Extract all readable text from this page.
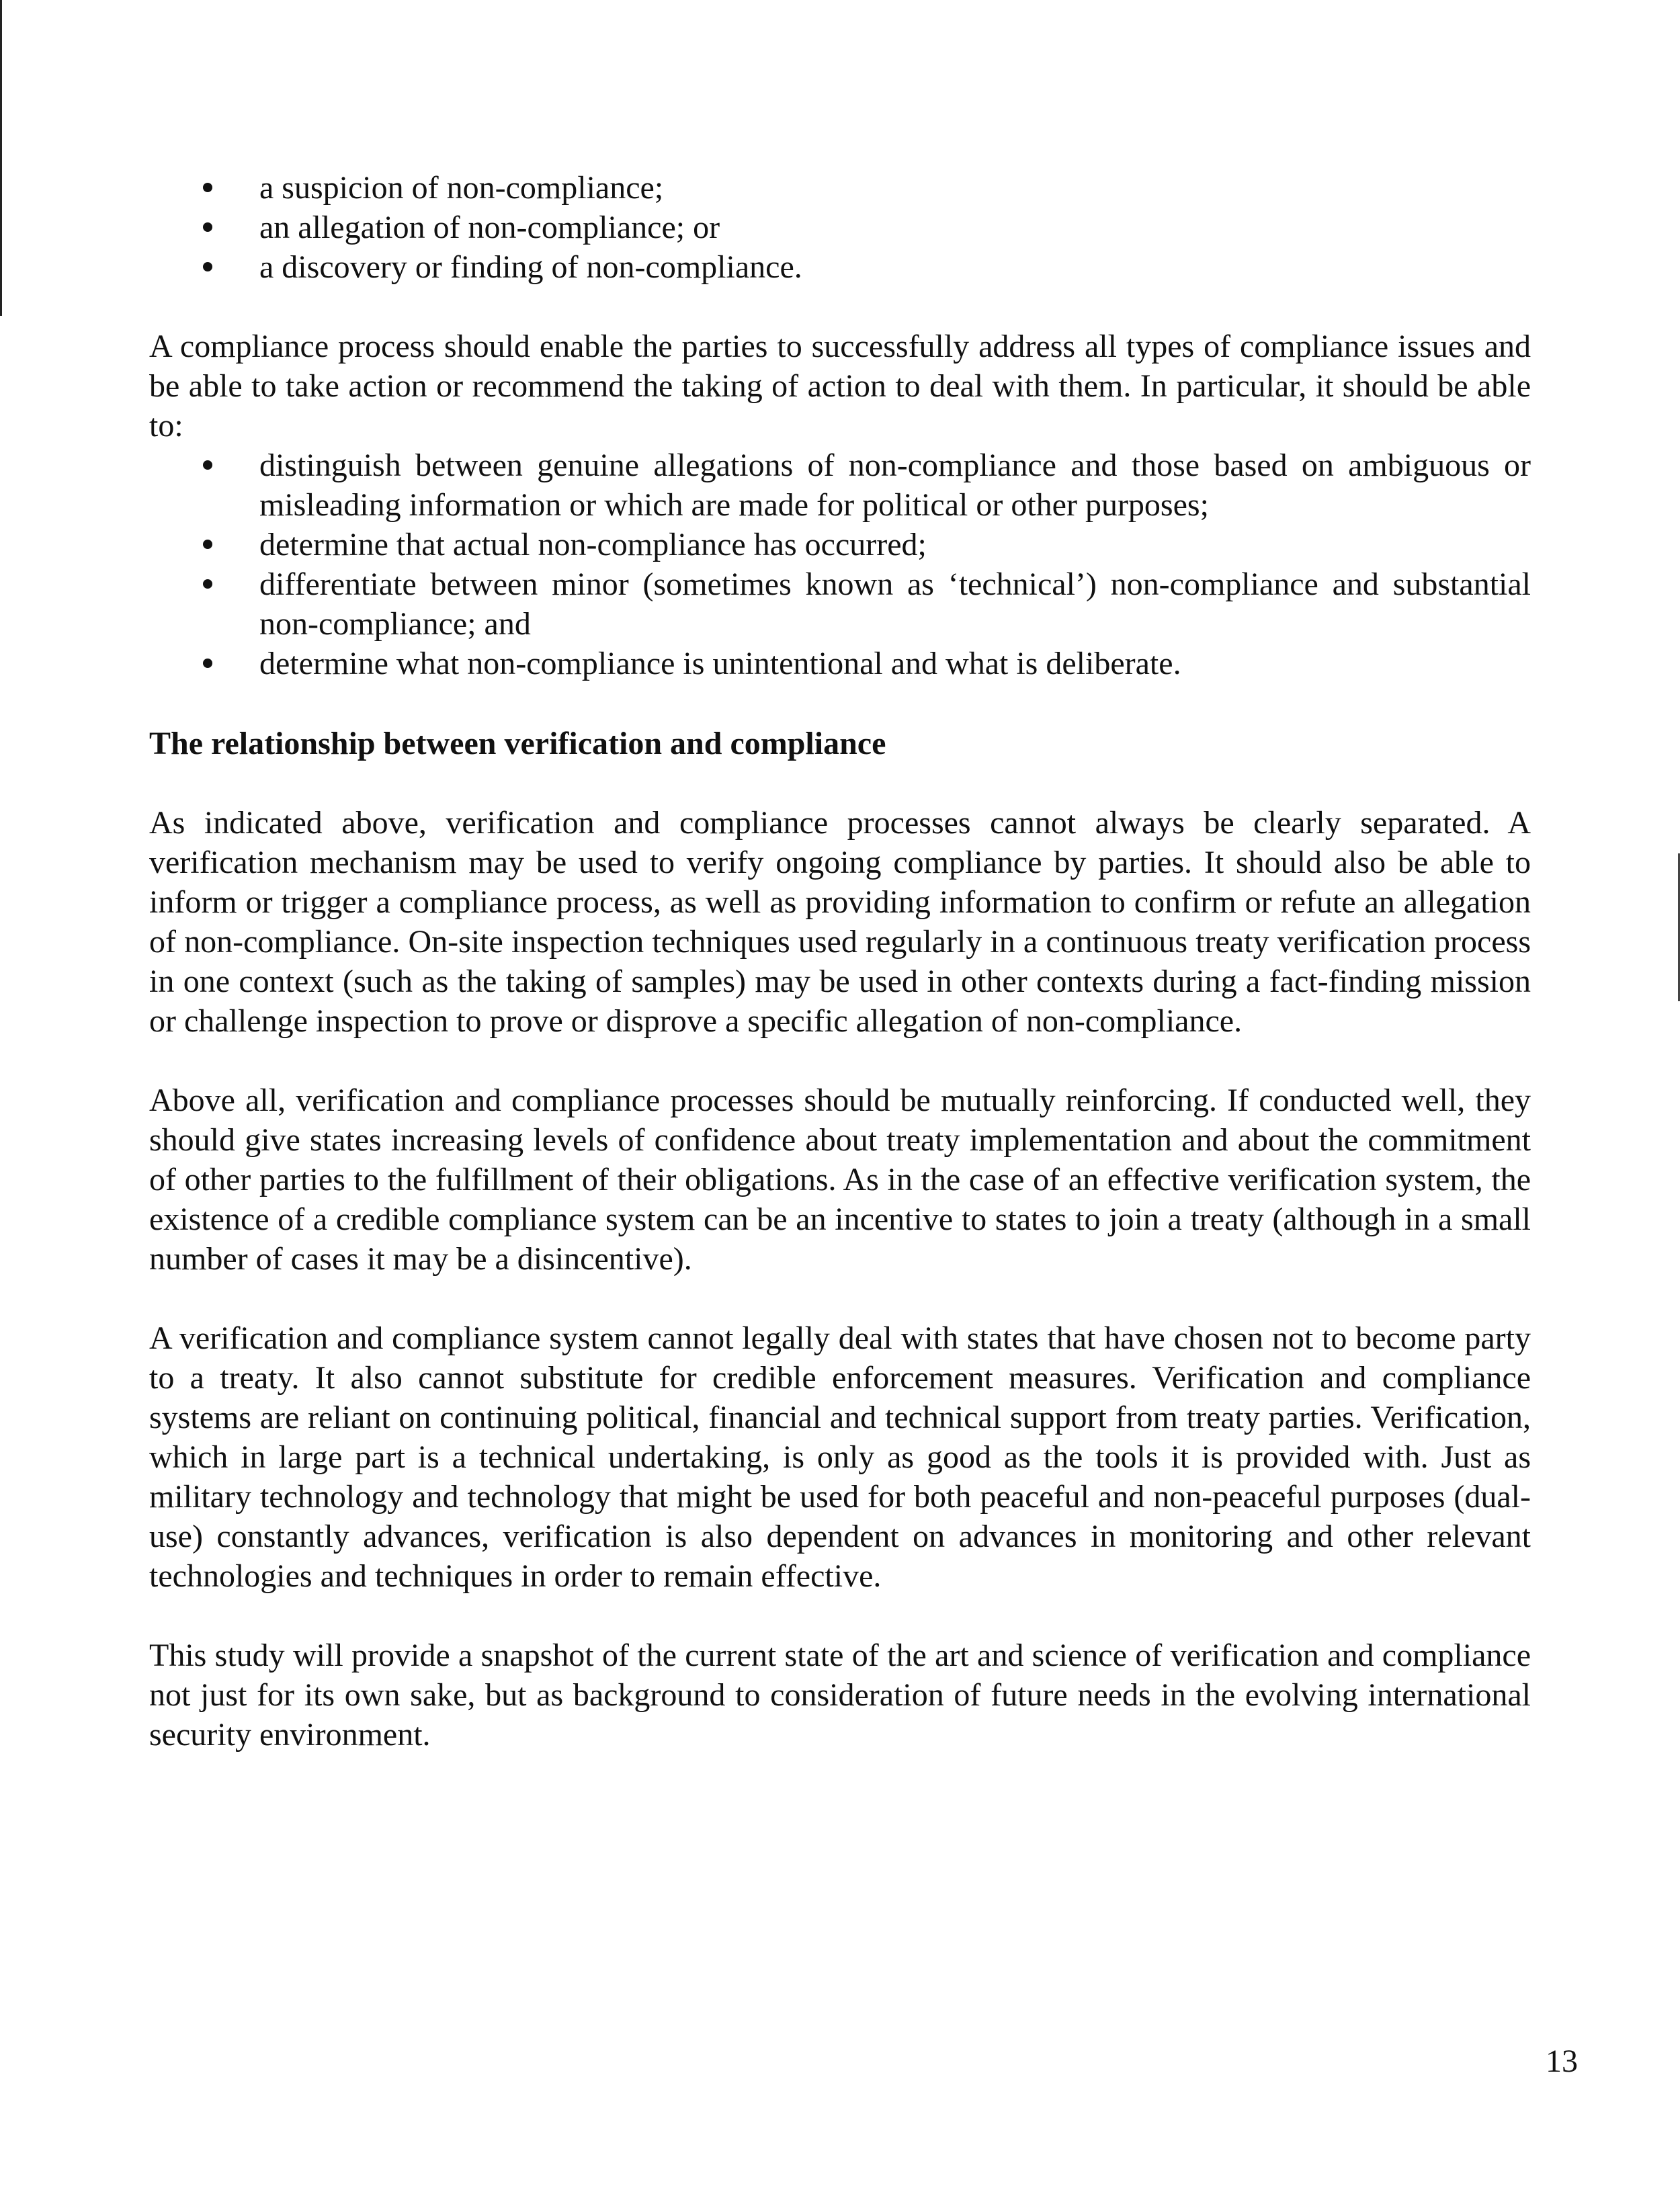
a suspicion of non-compliance;
an allegation of non-compliance; or
a discovery or finding of non-compliance.

A compliance process should enable the parties to successfully address all types of compliance issues and be able to take action or recommend the taking of action to deal with them. In particular, it should be able to:

distinguish between genuine allegations of non-compliance and those based on ambiguous or misleading information or which are made for political or other purposes;

determine that actual non-compliance has occurred;

differentiate between minor (sometimes known as ‘technical’) non-compliance and substantial non-compliance; and

determine what non-compliance is unintentional and what is deliberate.

The relationship between verification and compliance

As indicated above, verification and compliance processes cannot always be clearly separated. A verification mechanism may be used to verify ongoing compliance by parties. It should also be able to inform or trigger a compliance process, as well as providing information to confirm or refute an allegation of non-compliance. On-site inspection techniques used regularly in a continuous treaty verification process in one context (such as the taking of samples) may be used in other contexts during a fact-finding mission or challenge inspection to prove or disprove a specific allegation of non-compliance.

Above all, verification and compliance processes should be mutually reinforcing. If conducted well, they should give states increasing levels of confidence about treaty implementation and about the commitment of other parties to the fulfillment of their obligations. As in the case of an effective verification system, the existence of a credible compliance system can be an incentive to states to join a treaty (although in a small number of cases it may be a disincentive).

A verification and compliance system cannot legally deal with states that have chosen not to become party to a treaty. It also cannot substitute for credible enforcement measures. Verification and compliance systems are reliant on continuing political, financial and technical support from treaty parties. Verification, which in large part is a technical undertaking, is only as good as the tools it is provided with. Just as military technology and technology that might be used for both peaceful and non-peaceful purposes (dual-use) constantly advances, verification is also dependent on advances in monitoring and other relevant technologies and techniques in order to remain effective.

This study will provide a snapshot of the current state of the art and science of verification and compliance not just for its own sake, but as background to consideration of future needs in the evolving international security environment.

13
